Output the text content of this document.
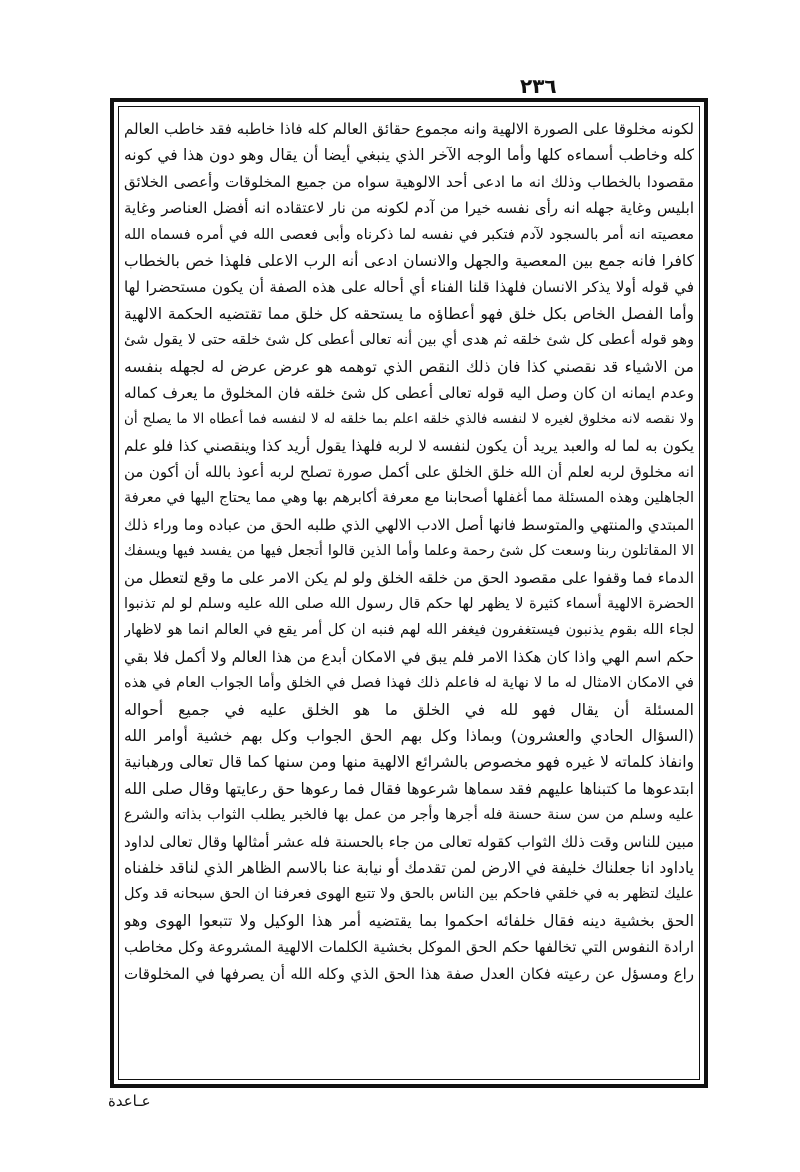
٢٣٦
لكونه مخلوقا على الصورة الالهية وانه مجموع حقائق العالم كله فاذا خاطبه فقد خاطب العالم
كله وخاطب أسماءه كلها وأما الوجه الآخر الذي ينبغي أيضا أن يقال وهو دون هذا في كونه
مقصودا بالخطاب وذلك انه ما ادعى أحد الالوهية سواه من جميع المخلوقات وأعصى الخلائق
ابليس وغاية جهله انه رأى نفسه خيرا من آدم لكونه من نار لاعتقاده انه أفضل العناصر وغاية
معصيته انه أمر بالسجود لآدم فتكبر في نفسه لما ذكرناه وأبى فعصى الله في أمره فسماه الله
كافرا فانه جمع بين المعصية والجهل والانسان ادعى أنه الرب الاعلى فلهذا خص بالخطاب
في قوله أولا يذكر الانسان فلهذا قلنا الفناء أي أحاله على هذه الصفة أن يكون مستحضرا لها
وأما الفصل الخاص بكل خلق فهو أعطاؤه ما يستحقه كل خلق مما تقتضيه الحكمة الالهية
وهو قوله أعطى كل شئ خلقه ثم هدى أي بين أنه تعالى أعطى كل شئ خلقه حتى لا يقول شئ
من الاشياء قد نقصني كذا فان ذلك النقص الذي توهمه هو عرض عرض له لجهله بنفسه
وعدم ايمانه ان كان وصل اليه قوله تعالى أعطى كل شئ خلقه فان المخلوق ما يعرف كماله
ولا نقصه لانه مخلوق لغيره لا لنفسه فالذي خلقه اعلم بما خلقه له لا لنفسه فما أعطاه الا ما يصلح أن
يكون به لما له والعبد يريد أن يكون لنفسه لا لربه فلهذا يقول أريد كذا وينقصني كذا فلو علم
انه مخلوق لربه لعلم أن الله خلق الخلق على أكمل صورة تصلح لربه أعوذ بالله أن أكون من
الجاهلين وهذه المسئلة مما أغفلها أصحابنا مع معرفة أكابرهم بها وهي مما يحتاج اليها في معرفة
المبتدي والمنتهي والمتوسط فانها أصل الادب الالهي الذي طلبه الحق من عباده وما وراء ذلك
الا المقاتلون ربنا وسعت كل شئ رحمة وعلما وأما الذين قالوا أتجعل فيها من يفسد فيها ويسفك
الدماء فما وقفوا على مقصود الحق من خلقه الخلق ولو لم يكن الامر على ما وقع لتعطل من
الحضرة الالهية أسماء كثيرة لا يظهر لها حكم قال رسول الله صلى الله عليه وسلم لو لم تذنبوا
لجاء الله بقوم يذنبون فيستغفرون فيغفر الله لهم فنبه ان كل أمر يقع في العالم انما هو لاظهار
حكم اسم الهي واذا كان هكذا الامر فلم يبق في الامكان أبدع من هذا العالم ولا أكمل فلا بقي
في الامكان الامثال له ما لا نهاية له فاعلم ذلك فهذا فصل في الخلق وأما الجواب العام في هذه
المسئلة أن يقال فهو لله في الخلق ما هو الخلق عليه في جميع أحواله
(السؤال الحادي والعشرون) وبماذا وكل بهم الحق الجواب وكل بهم خشية أوامر الله
وانفاذ كلماته لا غيره فهو مخصوص بالشرائع الالهية منها ومن سنها كما قال تعالى ورهبانية
ابتدعوها ما كتبناها عليهم فقد سماها شرعوها فقال فما رعوها حق رعايتها وقال صلى الله
عليه وسلم من سن سنة حسنة فله أجرها وأجر من عمل بها فالخبر يطلب الثواب بذاته والشرع
مبين للناس وقت ذلك الثواب كقوله تعالى من جاء بالحسنة فله عشر أمثالها وقال تعالى لداود
ياداود انا جعلناك خليفة في الارض لمن تقدمك أو نيابة عنا بالاسم الظاهر الذي لناقد خلفناه
عليك لتظهر به في خلقي فاحكم بين الناس بالحق ولا تتبع الهوى فعرفنا ان الحق سبحانه قد وكل
الحق بخشية دينه فقال خلفائه احكموا بما يقتضيه أمر هذا الوكيل ولا تتبعوا الهوى وهو
ارادة النفوس التي تخالفها حكم الحق الموكل بخشية الكلمات الالهية المشروعة وكل مخاطب
راع ومسؤل عن رعيته فكان العدل صفة هذا الحق الذي وكله الله أن يصرفها في المخلوقات
عـاعدة
